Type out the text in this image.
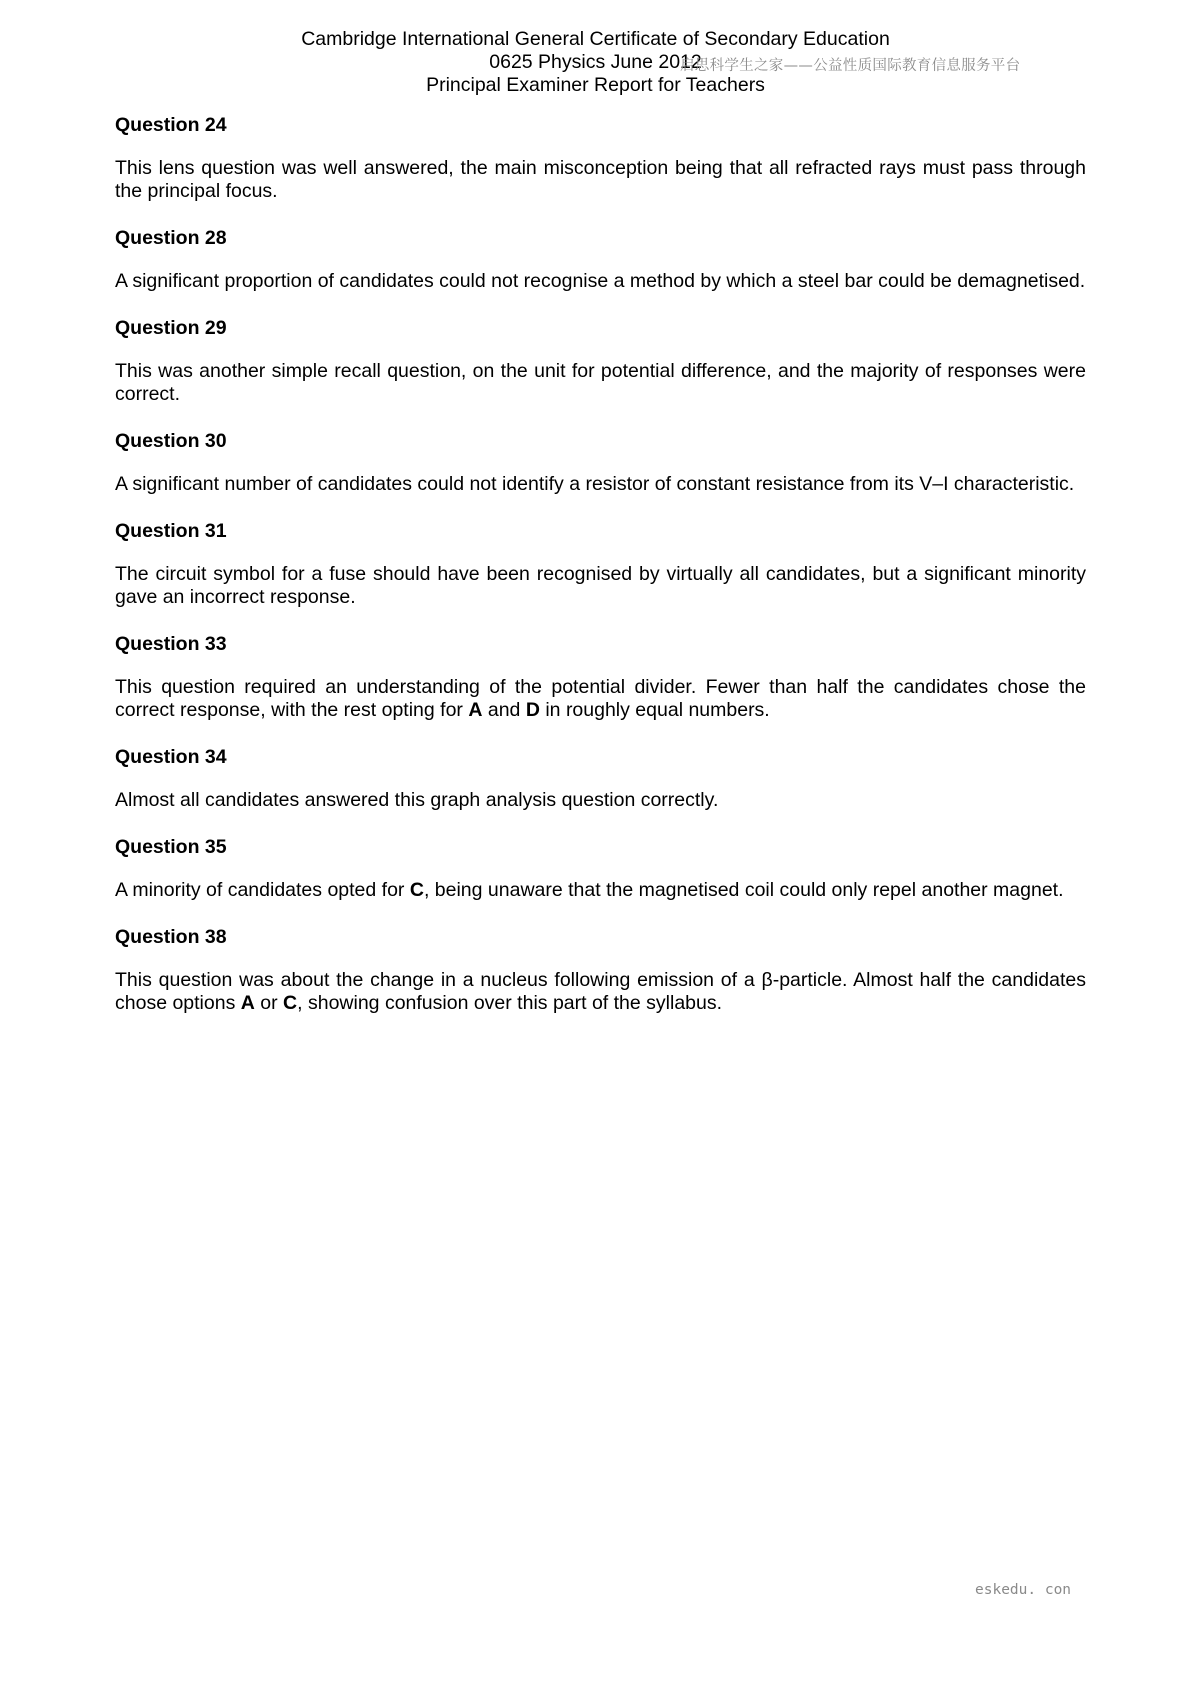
Cambridge International General Certificate of Secondary Education
0625 Physics June 2012
Principal Examiner Report for Teachers
启思科学生之家——公益性质国际教育信息服务平台

Question 24

This lens question was well answered, the main misconception being that all refracted rays must pass through the principal focus.

Question 28

A significant proportion of candidates could not recognise a method by which a steel bar could be demagnetised.

Question 29

This was another simple recall question, on the unit for potential difference, and the majority of responses were correct.

Question 30

A significant number of candidates could not identify a resistor of constant resistance from its V–I characteristic.

Question 31

The circuit symbol for a fuse should have been recognised by virtually all candidates, but a significant minority gave an incorrect response.

Question 33

This question required an understanding of the potential divider. Fewer than half the candidates chose the correct response, with the rest opting for A and D in roughly equal numbers.

Question 34

Almost all candidates answered this graph analysis question correctly.

Question 35

A minority of candidates opted for C, being unaware that the magnetised coil could only repel another magnet.

Question 38

This question was about the change in a nucleus following emission of a β-particle. Almost half the candidates chose options A or C, showing confusion over this part of the syllabus.

eskedu. con
